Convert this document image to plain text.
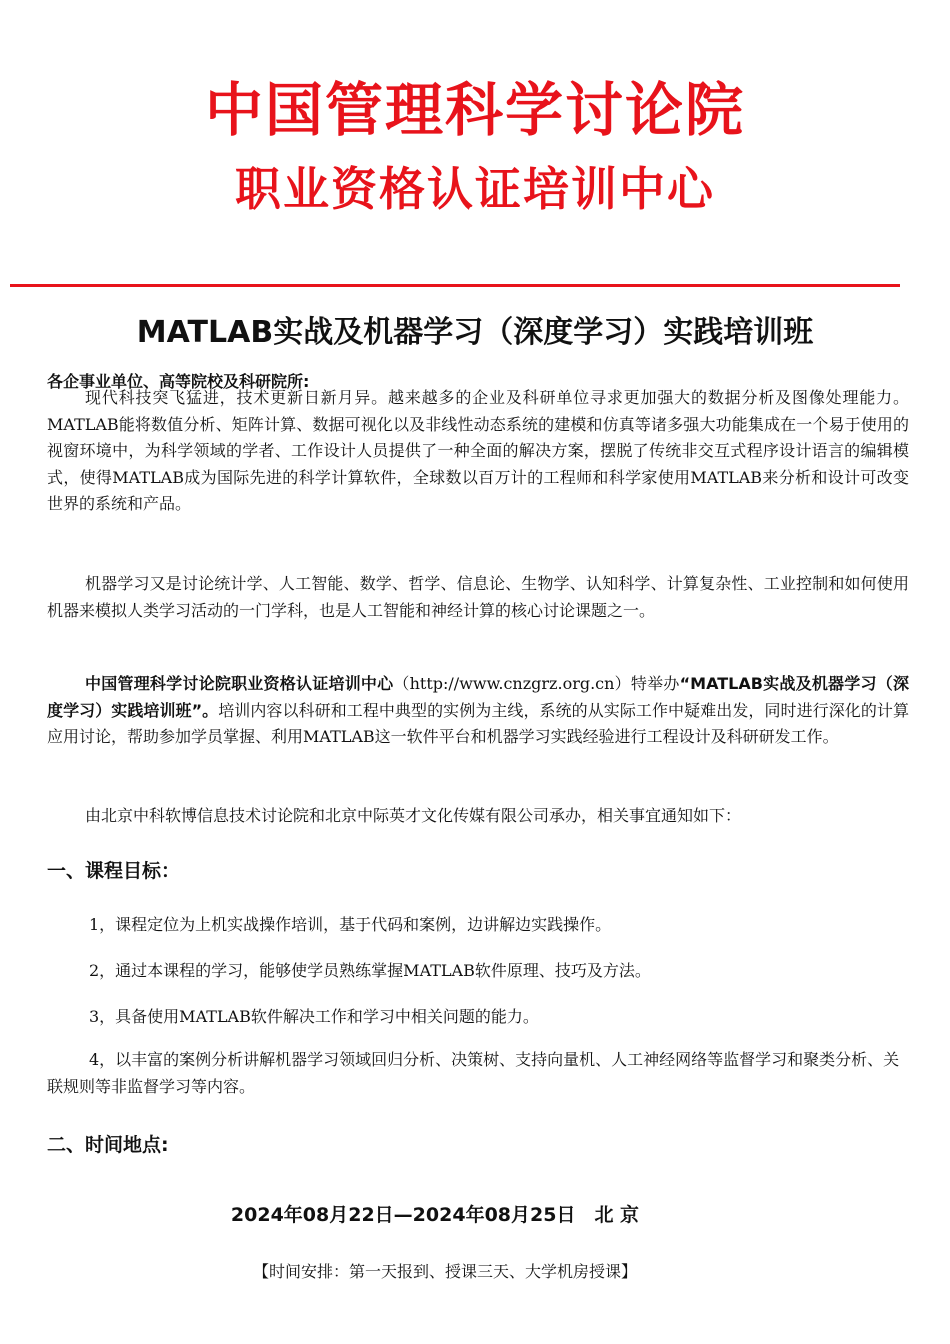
中国管理科学讨论院
职业资格认证培训中心
MATLAB实战及机器学习（深度学习）实践培训班
各企事业单位、高等院校及科研院所:

现代科技突飞猛进，技术更新日新月异。越来越多的企业及科研单位寻求更加强大的数据分析及图像处理能力。MATLAB能将数值分析、矩阵计算、数据可视化以及非线性动态系统的建模和仿真等诸多强大功能集成在一个易于使用的视窗环境中，为科学领域的学者、工作设计人员提供了一种全面的解决方案，摆脱了传统非交互式程序设计语言的编辑模式，使得MATLAB成为国际先进的科学计算软件，全球数以百万计的工程师和科学家使用MATLAB来分析和设计可改变世界的系统和产品。

机器学习又是讨论统计学、人工智能、数学、哲学、信息论、生物学、认知科学、计算复杂性、工业控制和如何使用机器来模拟人类学习活动的一门学科，也是人工智能和神经计算的核心讨论课题之一。

中国管理科学讨论院职业资格认证培训中心（http://www.cnzgrz.org.cn）特举办“MATLAB实战及机器学习（深度学习）实践培训班”。培训内容以科研和工程中典型的实例为主线，系统的从实际工作中疑难出发，同时进行深化的计算应用讨论，帮助参加学员掌握、利用MATLAB这一软件平台和机器学习实践经验进行工程设计及科研研发工作。

由北京中科软博信息技术讨论院和北京中际英才文化传媒有限公司承办，相关事宜通知如下：

一、课程目标：

1，课程定位为上机实战操作培训，基于代码和案例，边讲解边实践操作。

2，通过本课程的学习，能够使学员熟练掌握MATLAB软件原理、技巧及方法。

3，具备使用MATLAB软件解决工作和学习中相关问题的能力。

4，以丰富的案例分析讲解机器学习领域回归分析、决策树、支持向量机、人工神经网络等监督学习和聚类分析、关联规则等非监督学习等内容。

二、时间地点:
2024年08月22日—2024年08月25日　北 京
【时间安排：第一天报到、授课三天、大学机房授课】
